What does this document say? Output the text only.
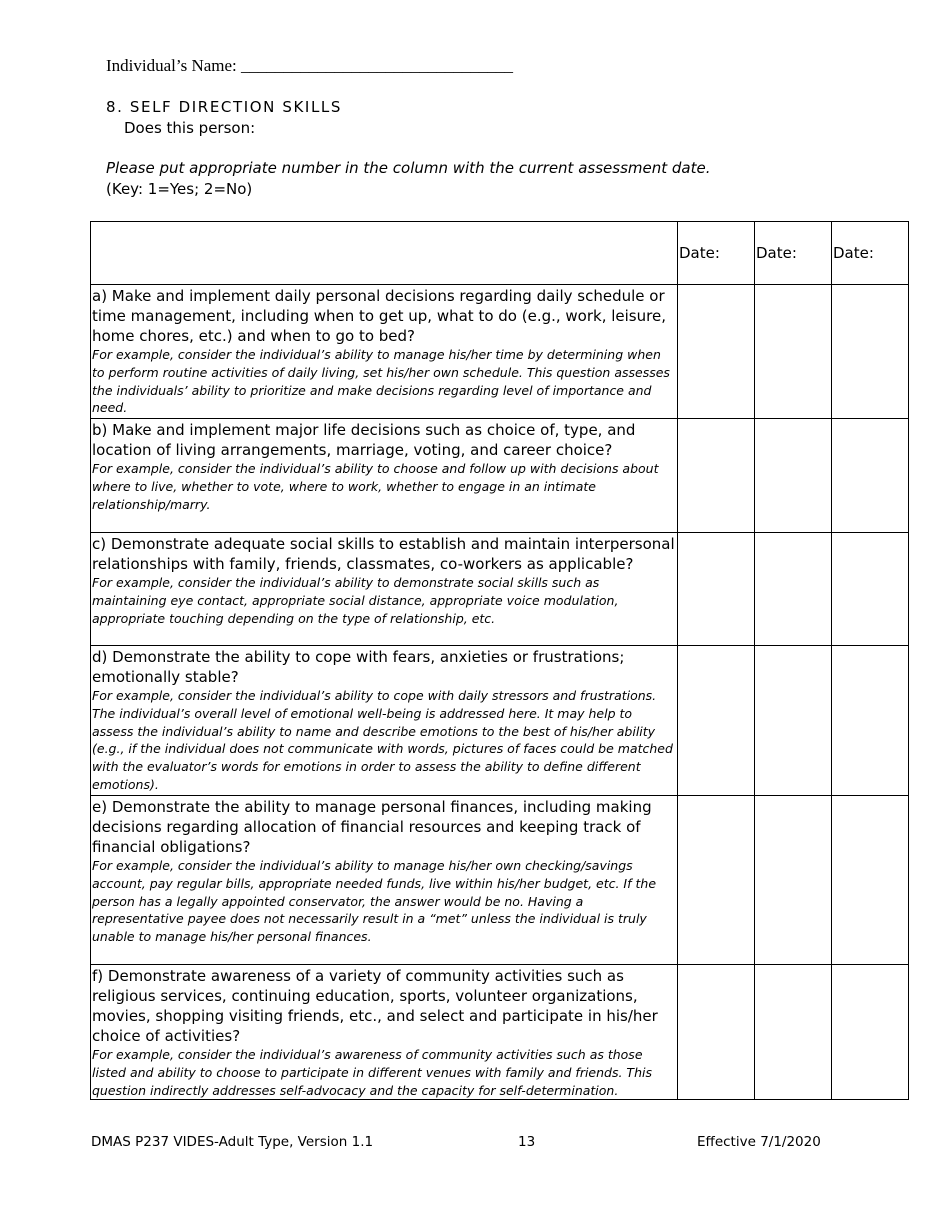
Individual’s Name: ________________________________
8. SELF DIRECTION SKILLS
Does this person:
Please put appropriate number in the column with the current assessment date.
(Key: 1=Yes; 2=No)
	Date:	Date:	Date:

a) Make and implement daily personal decisions regarding daily schedule or time management, including when to get up, what to do (e.g., work, leisure, home chores, etc.) and when to go to bed?
For example, consider the individual’s ability to manage his/her time by determining when to perform routine activities of daily living, set his/her own schedule. This question assesses the individuals’ ability to prioritize and make decisions regarding level of importance and need.			

b) Make and implement major life decisions such as choice of, type, and location of living arrangements, marriage, voting, and career choice?
For example, consider the individual’s ability to choose and follow up with decisions about where to live, whether to vote, where to work, whether to engage in an intimate relationship/marry.			

c) Demonstrate adequate social skills to establish and maintain interpersonal relationships with family, friends, classmates, co-workers as applicable?
For example, consider the individual’s ability to demonstrate social skills such as maintaining eye contact, appropriate social distance, appropriate voice modulation, appropriate touching depending on the type of relationship, etc.			

d) Demonstrate the ability to cope with fears, anxieties or frustrations; emotionally stable?
For example, consider the individual’s ability to cope with daily stressors and frustrations. The individual’s overall level of emotional well-being is addressed here. It may help to assess the individual’s ability to name and describe emotions to the best of his/her ability (e.g., if the individual does not communicate with words, pictures of faces could be matched with the evaluator’s words for emotions in order to assess the ability to define different emotions).			

e) Demonstrate the ability to manage personal finances, including making decisions regarding allocation of financial resources and keeping track of financial obligations?
For example, consider the individual’s ability to manage his/her own checking/savings account, pay regular bills, appropriate needed funds, live within his/her budget, etc. If the person has a legally appointed conservator, the answer would be no. Having a representative payee does not necessarily result in a “met” unless the individual is truly unable to manage his/her personal finances.			

f) Demonstrate awareness of a variety of community activities such as religious services, continuing education, sports, volunteer organizations, movies, shopping visiting friends, etc., and select and participate in his/her choice of activities?
For example, consider the individual’s awareness of community activities such as those listed and ability to choose to participate in different venues with family and friends. This question indirectly addresses self-advocacy and the capacity for self-determination.			

DMAS P237 VIDES-Adult Type, Version 1.1	13	Effective 7/1/2020
